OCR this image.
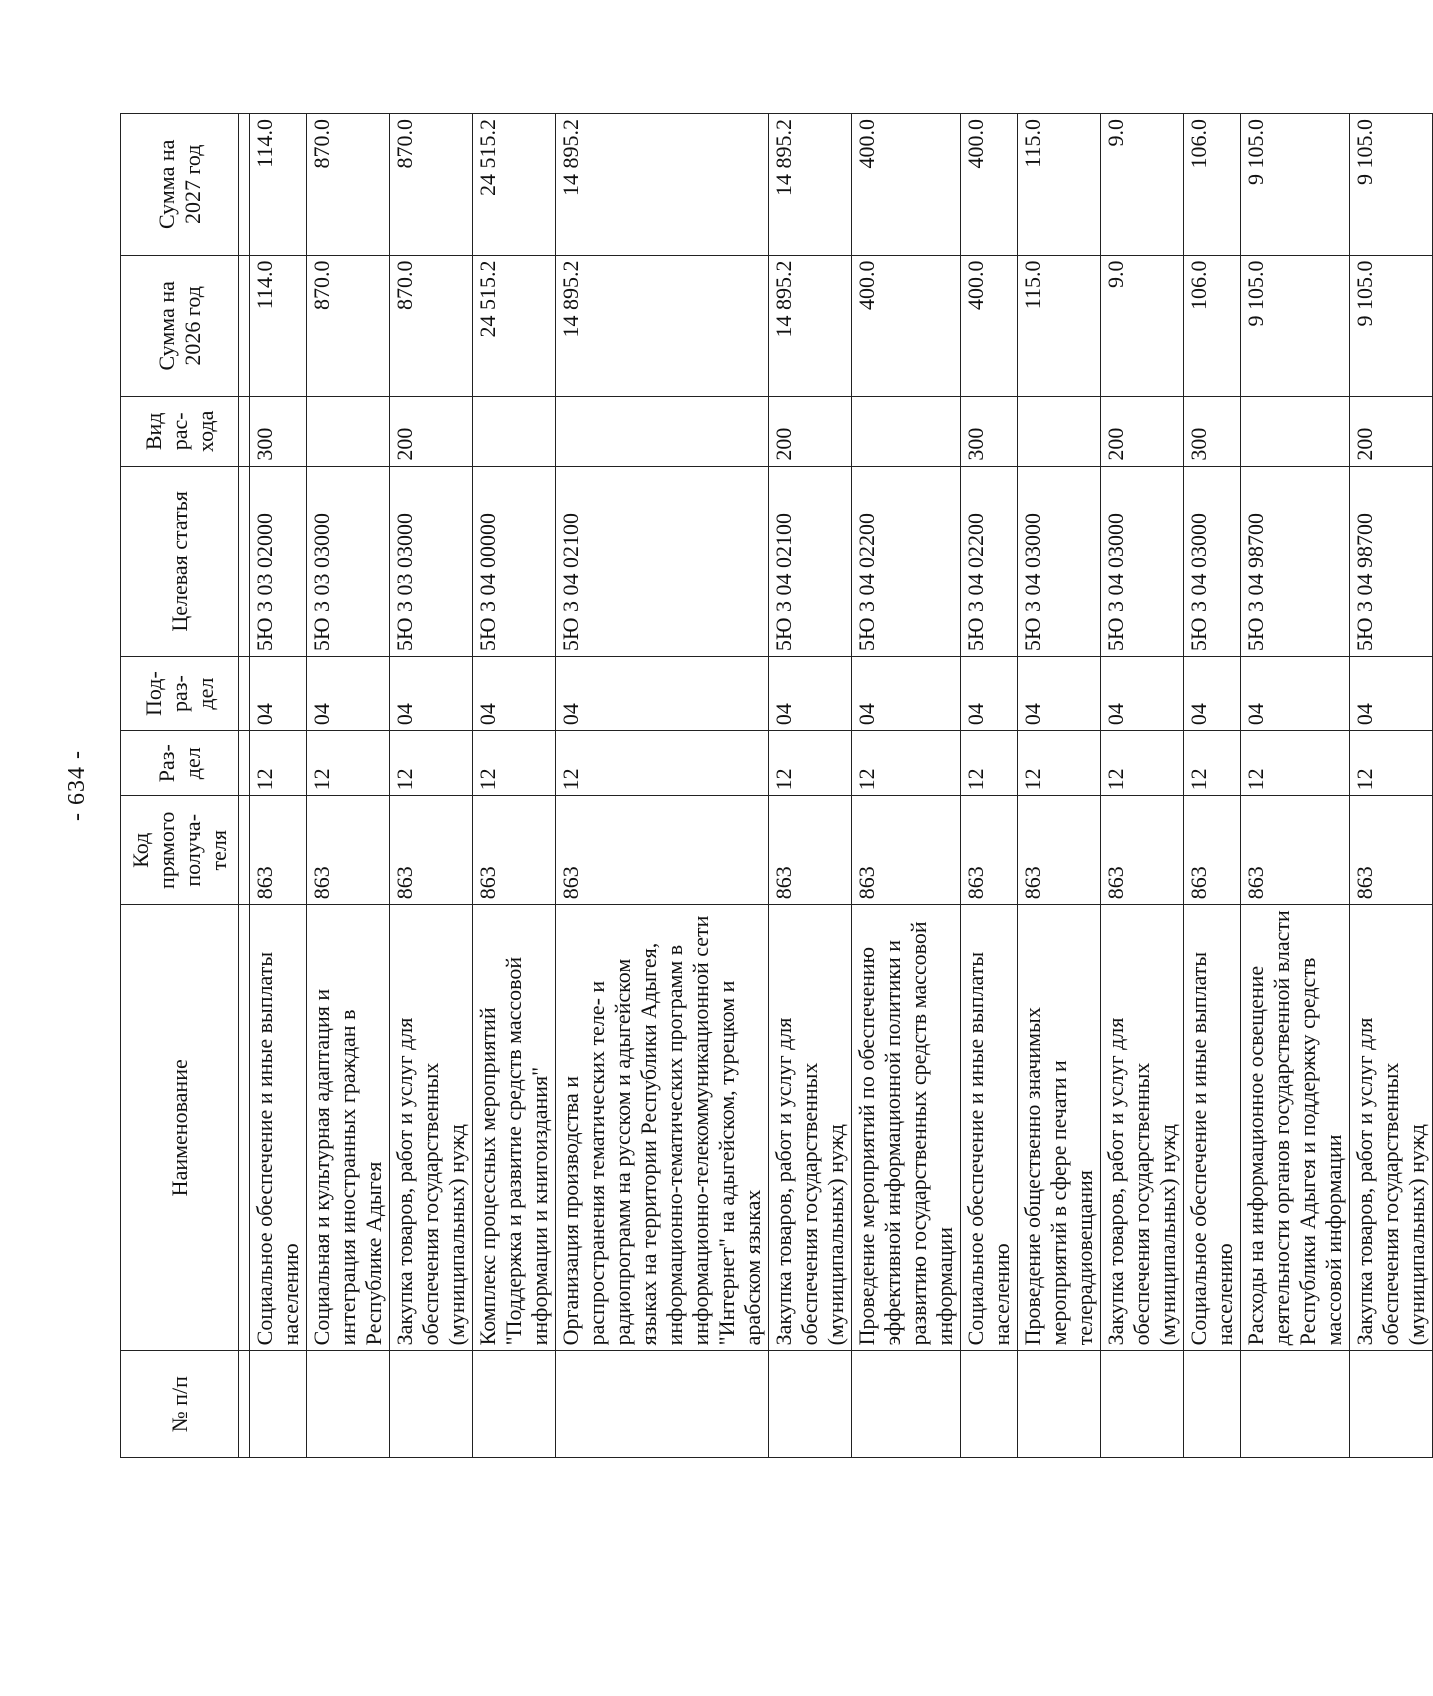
- 634 -
№ п/п	Наименование	Код прямого получа-теля	Раз-дел	Под-раз-дел	Целевая статья	Вид рас-хода	Сумма на 2026 год	Сумма на 2027 год

	Социальное обеспечение и иные выплаты населению	863	12	04	5Ю 3 03 02000	300	114.0	114.0
	Социальная и культурная адаптация и интеграция иностранных граждан в Республике Адыгея	863	12	04	5Ю 3 03 03000		870.0	870.0
	Закупка товаров, работ и услуг для обеспечения государственных (муниципальных) нужд	863	12	04	5Ю 3 03 03000	200	870.0	870.0
	Комплекс процессных мероприятий "Поддержка и развитие средств массовой информации и книгоиздания"	863	12	04	5Ю 3 04 00000		24 515.2	24 515.2
	Организация производства и распространения тематических теле- и радиопрограмм на русском и адыгейском языках на территории Республики Адыгея, информационно-тематических программ в информационно-телекоммуникационной сети "Интернет" на адыгейском, турецком и арабском языках	863	12	04	5Ю 3 04 02100		14 895.2	14 895.2
	Закупка товаров, работ и услуг для обеспечения государственных (муниципальных) нужд	863	12	04	5Ю 3 04 02100	200	14 895.2	14 895.2
	Проведение мероприятий по обеспечению эффективной информационной политики и развитию государственных средств массовой информации	863	12	04	5Ю 3 04 02200		400.0	400.0
	Социальное обеспечение и иные выплаты населению	863	12	04	5Ю 3 04 02200	300	400.0	400.0
	Проведение общественно значимых мероприятий в сфере печати и телерадиовещания	863	12	04	5Ю 3 04 03000		115.0	115.0
	Закупка товаров, работ и услуг для обеспечения государственных (муниципальных) нужд	863	12	04	5Ю 3 04 03000	200	9.0	9.0
	Социальное обеспечение и иные выплаты населению	863	12	04	5Ю 3 04 03000	300	106.0	106.0
	Расходы на информационное освещение деятельности органов государственной власти Республики Адыгея и поддержку средств массовой информации	863	12	04	5Ю 3 04 98700		9 105.0	9 105.0
	Закупка товаров, работ и услуг для обеспечения государственных (муниципальных) нужд	863	12	04	5Ю 3 04 98700	200	9 105.0	9 105.0
